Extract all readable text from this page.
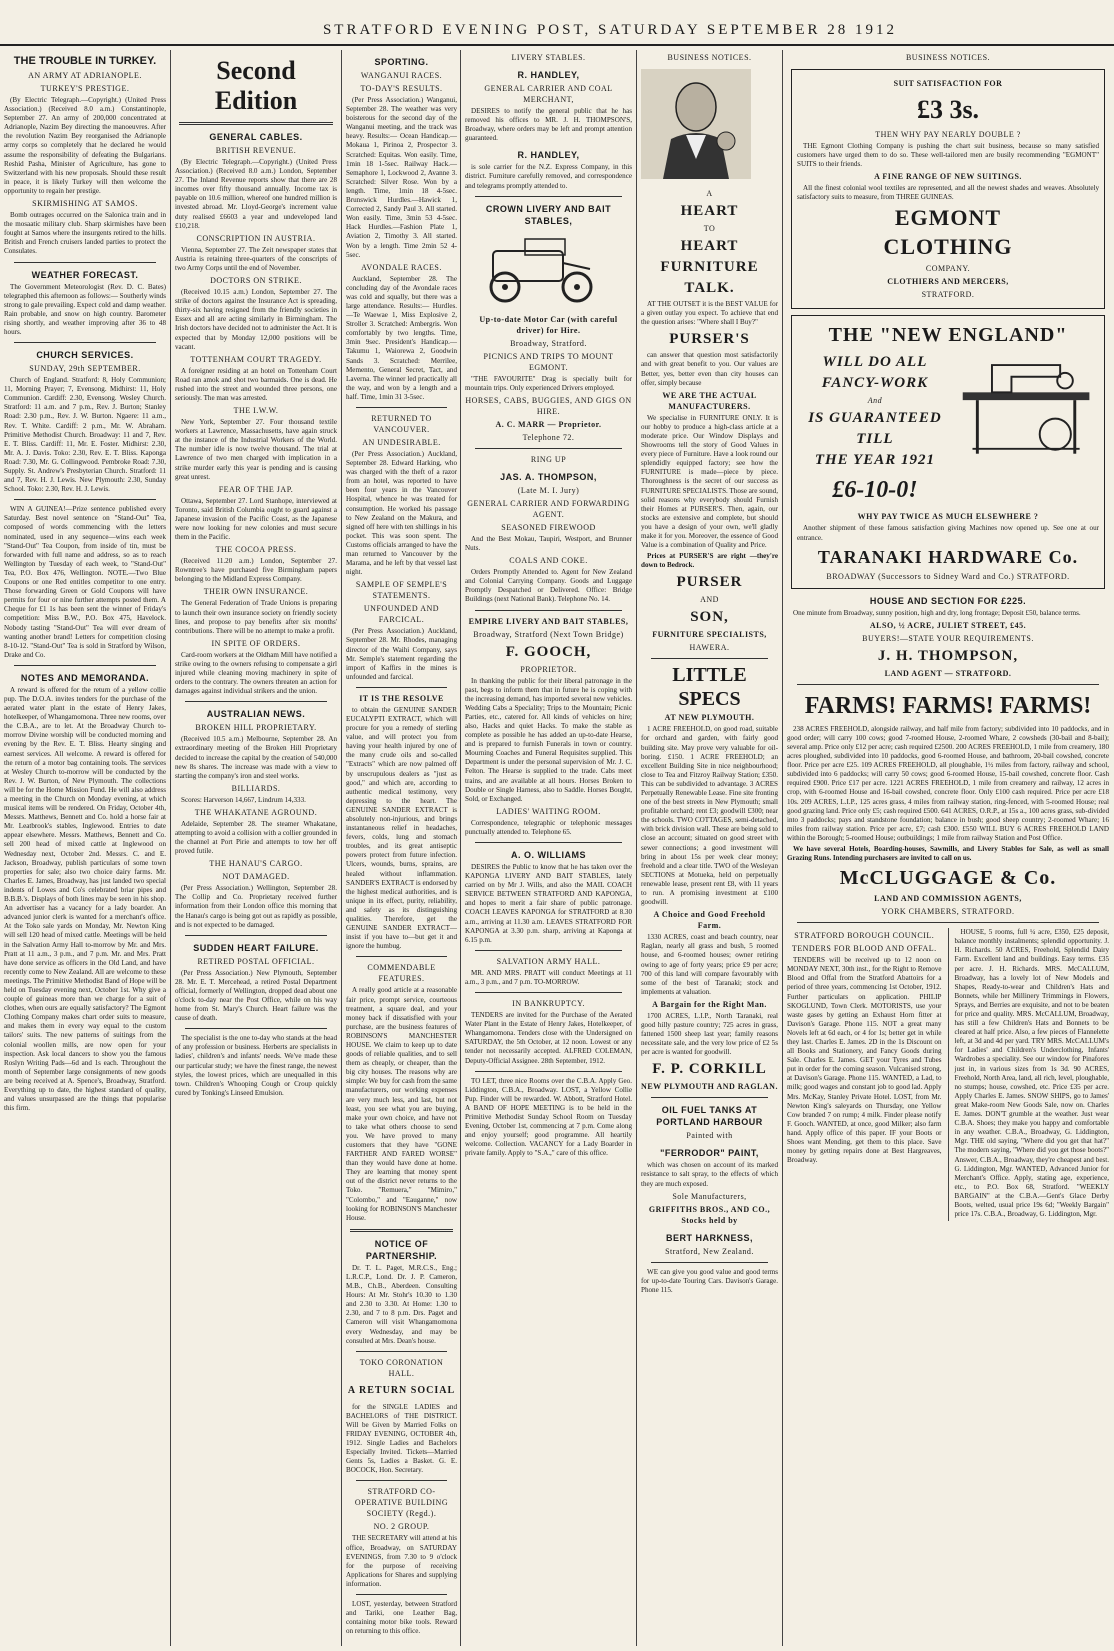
STRATFORD EVENING POST, SATURDAY SEPTEMBER 28 1912
THE TROUBLE IN TURKEY.
AN ARMY AT ADRIANOPLE.
TURKEY'S PRESTIGE.

(By Electric Telegraph.—Copyright.) (United Press Association.) (Received 8.0 a.m.) Constantinople, September 27. An army of 200,000 concentrated at Adrianople, Nazim Bey directing the manoeuvres. After the revolution Nazim Bey reorganised the Adrianople army corps so completely that he declared he would assume the responsibility of defeating the Bulgarians. Reshid Pasha, Minister of Agriculture, has gone to Switzerland with his new proposals. Should these result in peace, it is likely Turkey will then welcome the opportunity to regain her prestige.

SKIRMISHING AT SAMOS.

Bomb outrages occurred on the Salonica train and in the mosaatic military club. Sharp skirmishes have been fought at Samos where the insurgents retired to the hills. British and French cruisers landed parties to protect the Consulates.

WEATHER FORECAST.

The Government Meteorologist (Rev. D. C. Bates) telegraphed this afternoon as follows:— Southerly winds strong to gale prevailing. Expect cold and damp weather. Rain probable, and snow on high country. Barometer rising shortly, and weather improving after 36 to 48 hours.

CHURCH SERVICES.
SUNDAY, 29th SEPTEMBER.

Church of England. Stratford: 8, Holy Communion; 11, Morning Prayer; 7, Evensong. Midhirst: 11, Holy Communion. Cardiff: 2.30, Evensong. Wesley Church. Stratford: 11 a.m. and 7 p.m., Rev. J. Burton; Stanley Road: 2.30 p.m., Rev. J. W. Burton. Ngaere: 11 a.m., Rev. T. White. Cardiff: 2 p.m., Mr. W. Abraham. Primitive Methodist Church. Broadway: 11 and 7, Rev. E. T. Bliss. Cardiff: 11, Mr. E. Foster. Midhirst: 2.30, Mr. A. J. Davis. Toko: 2.30, Rev. E. T. Bliss. Kaponga Road: 7.30, Mr. G. Collingwood. Pembroke Road: 7.30, Supply. St. Andrew's Presbyterian Church. Stratford: 11 and 7, Rev. H. J. Lewis. New Plymouth: 2.30, Sunday School. Toko: 2.30, Rev. H. J. Lewis.

WIN A GUINEA!—Prize sentence published every Saturday. Best novel sentence on "Stand-Out" Tea, composed of words commencing with the letters nominated, used in any sequence—wins each week "Stand-Out" Tea Coupon, from inside of tin, must be forwarded with full name and address, so as to reach Wellington by Tuesday of each week, to "Stand-Out" Tea, P.O. Box 476, Wellington. NOTE.—Two Blue Coupons or one Red entitles competitor to one entry. Those forwarding Green or Gold Coupons will have permits for four or nine further attempts posted them. A Cheque for £1 1s has been sent the winner of Friday's competition: Miss B.W., P.O. Box 475, Havelock. Nobody tasting "Stand-Out" Tea will ever dream of wanting another brand! Letters for competition closing 8-10-12. "Stand-Out" Tea is sold in Stratford by Wilson, Drake and Co.

NOTES AND MEMORANDA.

A reward is offered for the return of a yellow collie pup. The D.O.A. invites tenders for the purchase of the aerated water plant in the estate of Henry Jakes, hotelkeeper, of Whangamomona. Three new rooms, over the C.B.A., are to let. At the Broadway Church to-morrow Divine worship will be conducted morning and evening by the Rev. E. T. Bliss. Hearty singing and earnest services. All welcome. A reward is offered for the return of a motor bag containing tools. The services at Wesley Church to-morrow will be conducted by the Rev. J. W. Burton, of New Plymouth. The collections will be for the Home Mission Fund. He will also address a meeting in the Church on Monday evening, at which musical items will be rendered. On Friday, October 4th, Messrs. Matthews, Bennett and Co. hold a horse fair at Mr. Leatbrook's stables, Inglewood. Entries to date appear elsewhere. Messrs. Matthews, Bennett and Co. sell 200 head of mixed cattle at Inglewood on Wednesday next, October 2nd. Messrs. C. and E. Jackson, Broadway, publish particulars of some town properties for sale; also two choice dairy farms. Mr. Charles E. James, Broadway, has just landed two special indents of Lowes and Co's celebrated briar pipes and B.B.B.'s. Displays of both lines may be seen in his shop. An advertiser has a vacancy for a lady boarder. An advanced junior clerk is wanted for a merchant's office. At the Toko sale yards on Monday, Mr. Newton King will sell 120 head of mixed cattle. Meetings will be held in the Salvation Army Hall to-morrow by Mr. and Mrs. Pratt at 11 a.m., 3 p.m., and 7 p.m. Mr. and Mrs. Pratt have done service as officers in the Old Land, and have recently come to New Zealand. All are welcome to these meetings. The Primitive Methodist Band of Hope will be held on Tuesday evening next, October 1st. Why give a couple of guineas more than we charge for a suit of clothes, when ours are equally satisfactory? The Egmont Clothing Company makes chart order suits to measure, and makes them in every way equal to the custom tailors' suits. The new patterns of suitings from the colonial woollen mills, are now open for your inspection. Ask local dancers to show you the famous Roslyn Writing Pads—6d and 1s each. Throughout the month of September large consignments of new goods are being received at A. Spence's, Broadway, Stratford. Everything up to date, the highest standard of quality, and values unsurpassed are the things that popularise this firm.

Second Edition
GENERAL CABLES.
BRITISH REVENUE.

(By Electric Telegraph.—Copyright.) (United Press Association.) (Received 8.0 a.m.) London, September 27. The Inland Revenue reports show that there are 28 incomes over fifty thousand annually. Income tax is payable on 10.6 million, whereof one hundred million is invested abroad. Mr. Lloyd-George's increment value duty realised £6603 a year and undeveloped land £10,218.

CONSCRIPTION IN AUSTRIA.

Vienna, September 27. The Zeit newspaper states that Austria is retaining three-quarters of the conscripts of two Army Corps until the end of November.

DOCTORS ON STRIKE.

(Received 10.15 a.m.) London, September 27. The strike of doctors against the Insurance Act is spreading, thirty-six having resigned from the friendly societies in Essex and all are acting similarly in Birmingham. The Irish doctors have decided not to administer the Act. It is expected that by Monday 12,000 positions will be vacant.

TOTTENHAM COURT TRAGEDY.

A foreigner residing at an hotel on Tottenham Court Road ran amok and shot two barmaids. One is dead. He rushed into the street and wounded three persons, one seriously. The man was arrested.

THE I.W.W.

New York, September 27. Four thousand textile workers at Lawrence, Massachusetts, have again struck at the instance of the Industrial Workers of the World. The number idle is now twelve thousand. The trial at Lawrence of two men charged with implication in a strike murder early this year is pending and is causing great unrest.

FEAR OF THE JAP.

Ottawa, September 27. Lord Stanhope, interviewed at Toronto, said British Columbia ought to guard against a Japanese invasion of the Pacific Coast, as the Japanese were now looking for new colonies and must secure them in the Pacific.

THE COCOA PRESS.

(Received 11.20 a.m.) London, September 27. Rowntree's have purchased five Birmingham papers belonging to the Midland Express Company.

THEIR OWN INSURANCE.

The General Federation of Trade Unions is preparing to launch their own insurance society on friendly society lines, and propose to pay benefits after six months' contributions. There will be no attempt to make a profit.

IN SPITE OF ORDERS.

Card-room workers at the Oldham Mill have notified a strike owing to the owners refusing to compensate a girl injured while cleaning moving machinery in spite of orders to the contrary. The owners threaten an action for damages against individual strikers and the union.

AUSTRALIAN NEWS.
BROKEN HILL PROPRIETARY.

(Received 10.5 a.m.) Melbourne, September 28. An extraordinary meeting of the Broken Hill Proprietary decided to increase the capital by the creation of 540,000 new 8s shares. The increase was made with a view to starting the company's iron and steel works.

BILLIARDS.

Scores: Harverson 14,667, Lindrum 14,333.

THE WHAKATANE AGROUND.

Adelaide, September 28. The steamer Whakatane, attempting to avoid a collision with a collier grounded in the channel at Port Pirie and attempts to tow her off proved futile.

THE HANAU'S CARGO.
NOT DAMAGED.

(Per Press Association.) Wellington, September 28. The Collip and Co. Proprietary received further information from their London office this morning that the Hanau's cargo is being got out as rapidly as possible, and is not expected to be damaged.

SUDDEN HEART FAILURE.
RETIRED POSTAL OFFICIAL.

(Per Press Association.) New Plymouth, September 28. Mr. E. T. Mercehead, a retired Postal Department official, formerly of Wellington, dropped dead about one o'clock to-day near the Post Office, while on his way home from St. Mary's Church. Heart failure was the cause of death.

The specialist is the one to-day who stands at the head of any profession or business. Herberts are specialists in ladies', children's and infants' needs. We've made these our particular study; we have the finest range, the newest styles, the lowest prices, which are unequalled in this town. Children's Whooping Cough or Croup quickly cured by Tonking's Linseed Emulsion.

SPORTING.
WANGANUI RACES.
TO-DAY'S RESULTS.

(Per Press Association.) Wanganui, September 28. The weather was very boisterous for the second day of the Wanganui meeting, and the track was heavy. Results:— Ocean Handicap.—Mokaua 1, Pirinoa 2, Prospector 3. Scratched: Equitas. Won easily. Time, 1min 18 1-5sec. Railway Hack.—Semaphore 1, Lockwood 2, Avanne 3. Scratched: Silver Rose. Won by a length. Time, 1min 18 4-5sec. Brunswick Hurdles.—Hawick 1, Corrected 2, Sandy Paul 3. All started. Won easily. Time, 3min 53 4-5sec. Hack Hurdles.—Fashion Plate 1, Aviation 2, Timothy 3. All started. Won by a length. Time 2min 52 4-5sec.

AVONDALE RACES.

Auckland, September 28. The concluding day of the Avondale races was cold and squally, but there was a large attendance. Results:— Hurdles.—Te Waewae 1, Miss Explosive 2, Stroller 3. Scratched: Ambergris. Won comfortably by two lengths. Time, 3min 9sec. President's Handicap.—Takumu 1, Waiorewa 2, Goodwin Sands 3. Scratched: Merrilee, Memento, General Secret, Tact, and Laverna. The winner led practically all the way, and won by a length and a half. Time, 1min 31 3-5sec.

RETURNED TO VANCOUVER.
AN UNDESIRABLE.

(Per Press Association.) Auckland, September 28. Edward Harking, who was charged with the theft of a razor from an hotel, was reported to have been four years in the Vancouver Hospital, whence he was treated for consumption. He worked his passage to New Zealand on the Makura, and signed off here with ten shillings in his pocket. This was soon spent. The Customs officials arranged to have the man returned to Vancouver by the Marama, and he left by that vessel last night.

SAMPLE OF SEMPLE'S STATEMENTS.
UNFOUNDED AND FARCICAL.

(Per Press Association.) Auckland, September 28. Mr. Rhodes, managing director of the Waihi Company, says Mr. Semple's statement regarding the import of Kaffirs in the mines is unfounded and farcical.

IT IS THE RESOLVE

to obtain the GENUINE SANDER EUCALYPTI EXTRACT, which will procure for you a remedy of sterling value, and will protect you from having your health injured by one of the many crude oils and so-called "Extracts" which are now palmed off by unscrupulous dealers as "just as good," and which are, according to authentic medical testimony, very depressing to the heart. The GENUINE SANDER EXTRACT is absolutely non-injurious, and brings instantaneous relief in headaches, fevers, colds, lung and stomach troubles, and its great antiseptic powers protect from future infection. Ulcers, wounds, burns, sprains, are healed without inflammation. SANDER'S EXTRACT is endorsed by the highest medical authorities, and is unique in its effect, purity, reliability, and safety as its distinguishing qualities. Therefore, get the GENUINE SANDER EXTRACT—insist if you have to—but get it and ignore the humbug.

COMMENDABLE FEATURES.

A really good article at a reasonable fair price, prompt service, courteous treatment, a square deal, and your money back if dissatisfied with your purchase, are the business features of ROBINSON'S MANCHESTER HOUSE. We claim to keep up to date goods of reliable qualities, and to sell them as cheaply, or cheaper, than the big city houses. The reasons why are simple: We buy for cash from the same manufacturers, our working expenses are very much less, and last, but not least, you see what you are buying, make your own choice, and have not to take what others choose to send you. We have proved to many customers that they have "GONE FARTHER AND FARED WORSE" than they would have done at home. They are learning that money spent out of the district never returns to the Toko. "Remuera," "Mimiro," "Colombo," and "Eauganne," now looking for ROBINSON'S Manchester House.

NOTICE OF PARTNERSHIP.

Dr. T. L. Paget, M.R.C.S., Eng.; L.R.C.P., Lond. Dr. J. P. Cameron, M.B., Ch.B., Aberdeen. Consulting Hours: At Mr. Stohr's 10.30 to 1.30 and 2.30 to 3.30. At Home: 1.30 to 2.30, and 7 to 8 p.m. Drs. Paget and Cameron will visit Whangamomona every Wednesday, and may be consulted at Mrs. Dean's house.

TOKO CORONATION HALL.
A RETURN SOCIAL

for the SINGLE LADIES and BACHELORS of THE DISTRICT. Will be Given by Married Folks on FRIDAY EVENING, OCTOBER 4th, 1912. Single Ladies and Bachelors Especially Invited. Tickets—Married Gents 5s, Ladies a Basket. G. E. BOCOCK, Hon. Secretary.

STRATFORD CO-OPERATIVE BUILDING SOCIETY (Regd.).
NO. 2 GROUP.

THE SECRETARY will attend at his office, Broadway, on SATURDAY EVENINGS, from 7.30 to 9 o'clock for the purpose of receiving Applications for Shares and supplying information.

LOST, yesterday, between Stratford and Tariki, one Leather Bag, containing motor bike tools. Reward on returning to this office.

LIVERY STABLES.
R. HANDLEY,
GENERAL CARRIER AND COAL MERCHANT,

DESIRES to notify the general public that he has removed his offices to MR. J. H. THOMPSON'S, Broadway, where orders may be left and prompt attention guaranteed.

R. HANDLEY,

is sole carrier for the N.Z. Express Company, in this district. Furniture carefully removed, and correspondence and telegrams promptly attended to.

CROWN LIVERY AND BAIT STABLES,
Up-to-date Motor Car (with careful driver) for Hire.
Broadway, Stratford.
PICNICS AND TRIPS TO MOUNT EGMONT.

"THE FAVOURITE" Drag is specially built for mountain trips. Only experienced Drivers employed.

HORSES, CABS, BUGGIES, AND GIGS ON HIRE.
A. C. MARR — Proprietor.
Telephone 72.
RING UP
JAS. A. THOMPSON,
(Late M. I. Jury)
GENERAL CARRIER AND FORWARDING AGENT.
SEASONED FIREWOOD

And the Best Mokau, Taupiri, Westport, and Brunner Nuts.

COALS AND COKE.

Orders Promptly Attended to. Agent for New Zealand and Colonial Carrying Company. Goods and Luggage Promptly Despatched or Delivered. Office: Bridge Buildings (next National Bank). Telephone No. 14.

EMPIRE LIVERY AND BAIT STABLES,
Broadway, Stratford (Next Town Bridge)
F. GOOCH,
PROPRIETOR.

In thanking the public for their liberal patronage in the past, begs to inform them that in future he is coping with the increasing demand, has imported several new vehicles. Wedding Cabs a Speciality; Trips to the Mountain; Picnic Parties, etc., catered for. All kinds of vehicles on hire; also, Hacks and quiet Hacks. To make the stable as complete as possible he has added an up-to-date Hearse, and is prepared to furnish Funerals in town or country. Mourning Coaches and Funeral Requisites supplied. This Department is under the personal supervision of Mr. J. C. Felton. The Hearse is supplied to the trade. Cabs meet trains, and are available at all hours. Horses Broken to Double or Single Harness, also to Saddle. Horses Bought, Sold, or Exchanged.

LADIES' WAITING ROOM.

Correspondence, telegraphic or telephonic messages punctually attended to. Telephone 65.

A. O. WILLIAMS

DESIRES the Public to know that he has taken over the KAPONGA LIVERY AND BAIT STABLES, lately carried on by Mr J. Wills, and also the MAIL COACH SERVICE BETWEEN STRATFORD AND KAPONGA, and hopes to merit a fair share of public patronage. COACH LEAVES KAPONGA for STRATFORD at 8.30 a.m., arriving at 11.30 a.m. LEAVES STRATFORD FOR KAPONGA at 3.30 p.m. sharp, arriving at Kaponga at 6.15 p.m.

SALVATION ARMY HALL.

MR. AND MRS. PRATT will conduct Meetings at 11 a.m., 3 p.m., and 7 p.m. TO-MORROW.

IN BANKRUPTCY.

TENDERS are invited for the Purchase of the Aerated Water Plant in the Estate of Henry Jakes, Hotelkeeper, of Whangamomona. Tenders close with the Undersigned on SATURDAY, the 5th October, at 12 noon. Lowest or any tender not necessarily accepted. ALFRED COLEMAN, Deputy-Official Assignee. 28th September, 1912.

TO LET, three nice Rooms over the C.B.A. Apply Geo. Liddington, C.B.A., Broadway. LOST, a Yellow Collie Pup. Finder will be rewarded. W. Abbott, Stratford Hotel. A BAND OF HOPE MEETING is to be held in the Primitive Methodist Sunday School Room on Tuesday Evening, October 1st, commencing at 7 p.m. Come along and enjoy yourself; good programme. All heartily welcome. Collection. VACANCY for a Lady Boarder in private family. Apply to "S.A.," care of this office.

BUSINESS NOTICES.
A
HEART
TO
HEART
FURNITURE
TALK.

AT THE OUTSET it is the BEST VALUE for a given outlay you expect. To achieve that end the question arises: "Where shall I Buy?"

PURSER'S

can answer that question most satisfactorily and with great benefit to you. Our values are Better, yes, better even than city houses can offer, simply because

WE ARE THE ACTUAL MANUFACTURERS.

We specialise in FURNITURE ONLY. It is our hobby to produce a high-class article at a moderate price. Our Window Displays and Showrooms tell the story of Good Values in every piece of Furniture. Have a look round our splendidly equipped factory; see how the FURNITURE is made—piece by piece. Thoroughness is the secret of our success as FURNITURE SPECIALISTS. Those are sound, solid reasons why everybody should Furnish their Homes at PURSER'S. Then, again, our stocks are extensive and complete, but should you have a design of your own, we'll gladly make it for you. Moreover, the essence of Good Value is a combination of Quality and Price.

Prices at PURSER'S are right —they're down to Bedrock.

PURSER
AND
SON,
FURNITURE SPECIALISTS,
HAWERA.
LITTLE
SPECS
AT NEW PLYMOUTH.

1 ACRE FREEHOLD, on good road, suitable for orchard and garden, with fairly good building site. May prove very valuable for oil-boring. £150. 1 ACRE FREEHOLD; an excellent Building Site in nice neighbourhood; close to Tea and Fitzroy Railway Station; £350. This can be subdivided to advantage. 3 ACRES Perpetually Renewable Lease. Fine site fronting one of the best streets in New Plymouth; small profitable orchard; rent £3; goodwill £300; near the schools. TWO COTTAGES, semi-detached, with brick division wall. These are being sold to close an account; situated on good street with sewer connections; a good investment will bring in about 15s per week clear money; freehold and a clear title. TWO of the Wesleyan SECTIONS at Motueka, held on perpetually renewable lease, present rent £8, with 11 years to run. A promising investment at £100 goodwill.

A Choice and Good Freehold Farm.

1330 ACRES, coast and beach country, near Raglan, nearly all grass and bush, 5 roomed house, and 6-roomed houses; owner retiring owing to age of forty years; price £9 per acre; 700 of this land will compare favourably with some of the best of Taranaki; stock and implements at valuation.

A Bargain for the Right Man.

1700 ACRES, L.I.P., North Taranaki, real good hilly pasture country; 725 acres in grass, fattened 1500 sheep last year; family reasons necessitate sale, and the very low price of £2 5s per acre is wanted for goodwill.

F. P. CORKILL
NEW PLYMOUTH AND RAGLAN.
OIL FUEL TANKS AT PORTLAND HARBOUR
Painted with
"FERRODOR" PAINT,

which was chosen on account of its marked resistance to salt spray, to the effects of which they are much exposed.

Sole Manufacturers,
GRIFFITHS BROS., AND CO., Stocks held by
BERT HARKNESS,
Stratford, New Zealand.

WE can give you good value and good terms for up-to-date Touring Cars. Davison's Garage. Phone 115.

BUSINESS NOTICES.
SUIT SATISFACTION FOR
£3 3s.
THEN WHY PAY NEARLY DOUBLE ?

THE Egmont Clothing Company is pushing the chart suit business, because so many satisfied customers have urged them to do so. These well-tailored men are busily recommending "EGMONT" SUITS to their friends.

A FINE RANGE OF NEW SUITINGS.

All the finest colonial wool textiles are represented, and all the newest shades and weaves. Absolutely satisfactory suits to measure, from THREE GUINEAS.

EGMONT
CLOTHING
COMPANY.
CLOTHIERS AND MERCERS,
STRATFORD.
THE "NEW ENGLAND"
WILL DO ALL
FANCY-WORK
And
IS GUARANTEED
TILL
THE YEAR 1921
£6-10-0!
WHY PAY TWICE AS MUCH ELSEWHERE ?

Another shipment of these famous satisfaction giving Machines now opened up. See one at our entrance.

TARANAKI HARDWARE Co.
BROADWAY (Successors to Sidney Ward and Co.) STRATFORD.
HOUSE AND SECTION FOR £225.

One minute from Broadway, sunny position, high and dry, long frontage; Deposit £50, balance terms.

ALSO, ½ ACRE, JULIET STREET, £45.
BUYERS!—STATE YOUR REQUIREMENTS.
J. H. THOMPSON,
LAND AGENT — STRATFORD.
FARMS! FARMS! FARMS!

238 ACRES FREEHOLD, alongside railway, and half mile from factory; subdivided into 10 paddocks, and in good order; will carry 100 cows; good 7-roomed House, 2-roomed Whare, 2 cowsheds (30-bail and 8-bail); several amp. Price only £12 per acre; cash required £2500. 200 ACRES FREEHOLD, 1 mile from creamery, 180 acres ploughed, subdivided into 10 paddocks, good 6-roomed House, and bathroom, 20-bail cowshed, concrete floor. Price per acre £25. 109 ACRES FREEHOLD, all ploughable, 1½ miles from factory, railway and school, subdivided into 6 paddocks; will carry 50 cows; good 6-roomed House, 15-bail cowshed, concrete floor. Cash required £900. Price £17 per acre. 1221 ACRES FREEHOLD, 1 mile from creamery and railway, 12 acres in crop, with 6-roomed House and 16-bail cowshed, concrete floor. Only £100 cash required. Price per acre £18 10s. 209 ACRES, L.I.P., 125 acres grass, 4 miles from railway station, ring-fenced, with 5-roomed House; real good grazing land. Price only £5; cash required £500. 641 ACRES, O.R.P., at 15s a., 100 acres grass, sub-divided into 3 paddocks; pays and standstone foundation; balance in bush; good sheep country; 2-roomed Whare; 16 miles from railway station. Price per acre, £7; cash £300. £550 WILL BUY 6 ACRES FREEHOLD LAND within the Borough; 5-roomed House; outbuildings; 1 mile from railway Station and Post Office.

We have several Hotels, Boarding-houses, Sawmills, and Livery Stables for Sale, as well as small Grazing Runs. Intending purchasers are invited to call on us.

McCLUGGAGE & Co.
LAND AND COMMISSION AGENTS,
YORK CHAMBERS, STRATFORD.
STRATFORD BOROUGH COUNCIL.
TENDERS FOR BLOOD AND OFFAL.

TENDERS will be received up to 12 noon on MONDAY NEXT, 30th inst., for the Right to Remove Blood and Offal from the Stratford Abattoirs for a period of three years, commencing 1st October, 1912. Further particulars on application. PHILIP SKOGLUND, Town Clerk. MOTORISTS, use your waste gases by getting an Exhaust Horn fitter at Davison's Garage. Phone 115. NOT a great many Novels left at 6d each, or 4 for 1s; better get in while they last. Charles E. James. 2D in the 1s Discount on all Books and Stationery, and Fancy Goods during Sale. Charles E. James. GET your Tyres and Tubes put in order for the coming season. Vulcanised strong, at Davison's Garage. Phone 115. WANTED, a Lad, to milk; good wages and constant job to good lad. Apply Mrs. McKay, Stanley Private Hotel. LOST, from Mr. Newton King's saleyards on Thursday, one Yellow Cow branded 7 on rump; 4 milk. Finder please notify F. Gooch. WANTED, at once, good Milker; also farm hand. Apply office of this paper. IF your Boots or Shoes want Mending, get them to this place. Save money by getting repairs done at Best Hargreaves, Broadway.

HOUSE, 5 rooms, full ¼ acre, £350, £25 deposit, balance monthly instalments; splendid opportunity. J. H. Richards. 50 ACRES, Freehold, Splendid Dairy Farm. Excellent land and buildings. Easy terms. £35 per acre. J. H. Richards. MRS. McCALLUM, Broadway, has a lovely lot of New Models and Shapes, Ready-to-wear and Children's Hats and Bonnets, while her Millinery Trimmings in Flowers, Sprays, and Berries are exquisite, and not to be beaten for price and quality. MRS. McCALLUM, Broadway, has still a few Children's Hats and Bonnets to be cleared at half price. Also, a few pieces of Flannelette left, at 3d and 4d per yard. TRY MRS. McCALLUM's for Ladies' and Children's Underclothing, Infants' Wardrobes a speciality. See our window for Pinafores just in, in various sizes from 1s 3d. 90 ACRES, Freehold, North Area, land, all rich, level, ploughable, no stumps; house, cowshed, etc. Price £35 per acre. Apply Charles E. James. SNOW SHIPS, go to James' great Make-room New Goods Sale, now on. Charles E. James. DON'T grumble at the weather. Just wear C.B.A. Shoes; they make you happy and comfortable in any weather. C.B.A., Broadway, G. Liddington, Mgr. THE old saying, "Where did you get that hat?" The modern saying, "Where did you get those boots?" Answer, C.B.A., Broadway, they're cheapest and best. G. Liddington, Mgr. WANTED, Advanced Junior for Merchant's Office. Apply, stating age, experience, etc., to P.O. Box 68, Stratford. "WEEKLY BARGAIN" at the C.B.A.—Gent's Glace Derby Boots, welted, usual price 19s 6d; "Weekly Bargain" price 17s. C.B.A., Broadway, G. Liddington, Mgr.
